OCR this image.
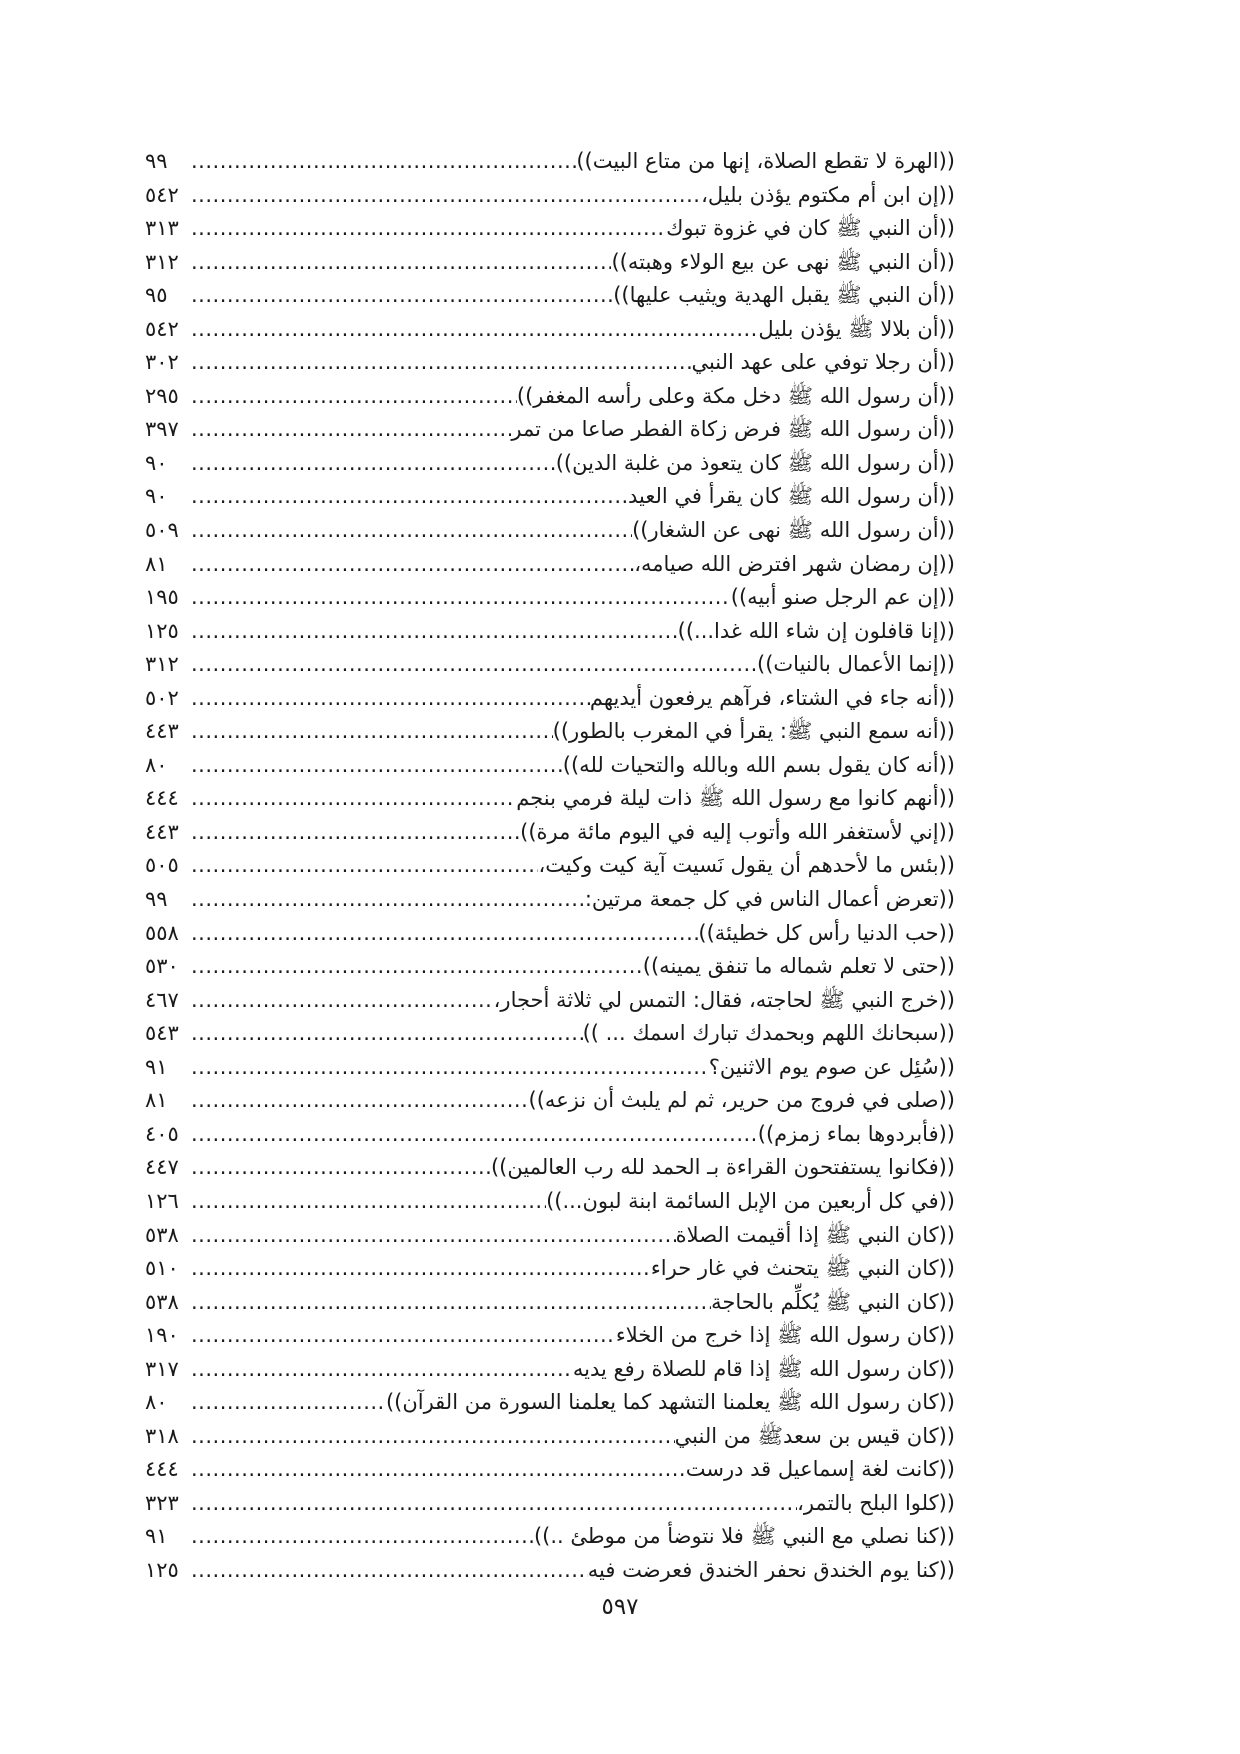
((الهرة لا تقطع الصلاة، إنها من متاع البيت))
.....
٩٩
((إن ابن أم مكتوم يؤذن بليل،
.....
٥٤٢
((أن النبي ﷺ كان في غزوة تبوك
.....
٣١٣
((أن النبي ﷺ نهى عن بيع الولاء وهبته))
.....
٣١٢
((أن النبي ﷺ يقبل الهدية ويثيب عليها))
.....
٩٥
((أن بلالا ﷺ يؤذن بليل
.....
٥٤٢
((أن رجلا توفي على عهد النبي
.....
٣٠٢
((أن رسول الله ﷺ دخل مكة وعلى رأسه المغفر))
.....
٢٩٥
((أن رسول الله ﷺ فرض زكاة الفطر صاعا من تمر
.....
٣٩٧
((أن رسول الله ﷺ كان يتعوذ من غلبة الدين))
.....
٩٠
((أن رسول الله ﷺ كان يقرأ في العيد
.....
٩٠
((أن رسول الله ﷺ نهى عن الشغار))
.....
٥٠٩
((إن رمضان شهر افترض الله صيامه،
.....
٨١
((إن عم الرجل صنو أبيه))
.....
١٩٥
((إنا قافلون إن شاء الله غدا...))
.....
١٢٥
((إنما الأعمال بالنيات))
.....
٣١٢
((أنه جاء في الشتاء، فرآهم يرفعون أيديهم
.....
٥٠٢
((أنه سمع النبي ﷺ: يقرأ في المغرب بالطور))
.....
٤٤٣
((أنه كان يقول بسم الله وبالله والتحيات لله))
.....
٨٠
((أنهم كانوا مع رسول الله ﷺ ذات ليلة فرمي بنجم
.....
٤٤٤
((إني لأستغفر الله وأتوب إليه في اليوم مائة مرة))
.....
٤٤٣
((بئس ما لأحدهم أن يقول نَسيت آية كيت وكيت،
.....
٥٠٥
((تعرض أعمال الناس في كل جمعة مرتين:
.....
٩٩
((حب الدنيا رأس كل خطيئة))
.....
٥٥٨
((حتى لا تعلم شماله ما تنفق يمينه))
.....
٥٣٠
((خرج النبي ﷺ لحاجته، فقال: التمس لي ثلاثة أحجار،
.....
٤٦٧
((سبحانك اللهم وبحمدك تبارك اسمك ... ))
.....
٥٤٣
((سُئِل عن صوم يوم الاثنين؟
.....
٩١
((صلى في فروج من حرير، ثم لم يلبث أن نزعه))
.....
٨١
((فأبردوها بماء زمزم))
.....
٤٠٥
((فكانوا يستفتحون القراءة بـ الحمد لله رب العالمين))
.....
٤٤٧
((في كل أربعين من الإبل السائمة ابنة لبون...))
.....
١٢٦
((كان النبي ﷺ إذا أقيمت الصلاة
.....
٥٣٨
((كان النبي ﷺ يتحنث في غار حراء
.....
٥١٠
((كان النبي ﷺ يُكلِّم بالحاجة
.....
٥٣٨
((كان رسول الله ﷺ إذا خرج من الخلاء
.....
١٩٠
((كان رسول الله ﷺ إذا قام للصلاة رفع يديه
.....
٣١٧
((كان رسول الله ﷺ يعلمنا التشهد كما يعلمنا السورة من القرآن))
.....
٨٠
((كان قيس بن سعدﷺ من النبي
.....
٣١٨
((كانت لغة إسماعيل قد درست
.....
٤٤٤
((كلوا البلح بالتمر،
.....
٣٢٣
((كنا نصلي مع النبي ﷺ فلا نتوضأ من موطئ ..))
.....
٩١
((كنا يوم الخندق نحفر الخندق فعرضت فيه
.....
١٢٥
٥٩٧
